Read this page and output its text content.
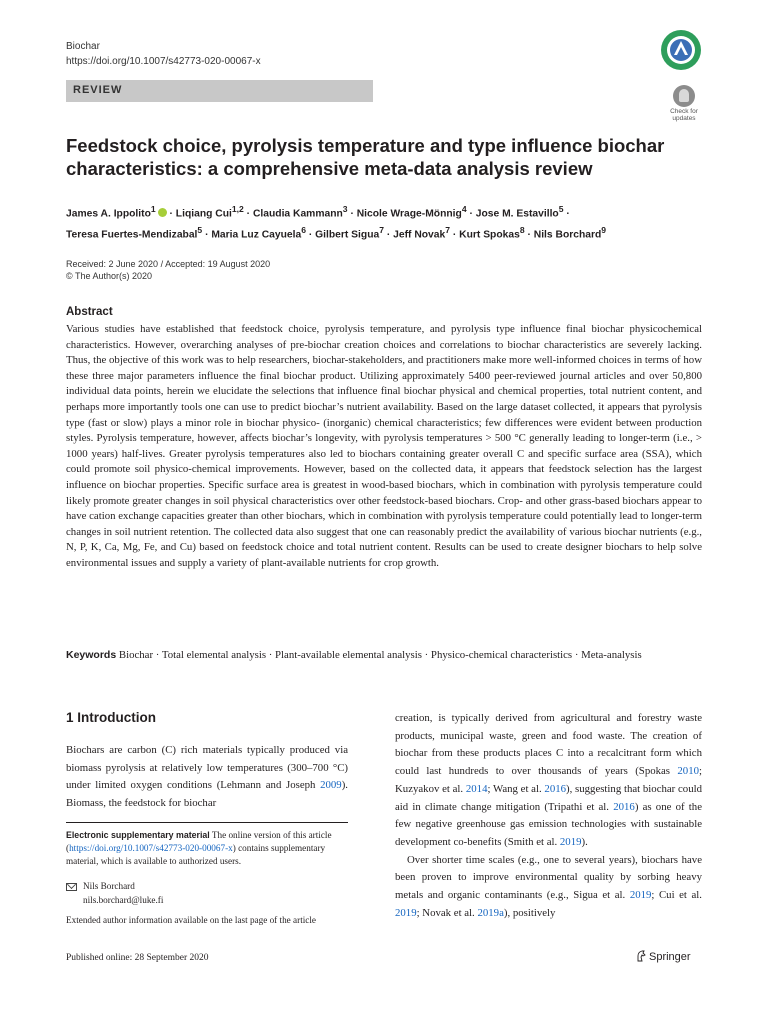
Biochar
https://doi.org/10.1007/s42773-020-00067-x
REVIEW
Check for updates
Feedstock choice, pyrolysis temperature and type influence biochar characteristics: a comprehensive meta-data analysis review
James A. Ippolito$^1$ · Liqiang Cui$^{1,2}$ · Claudia Kammann$^3$ · Nicole Wrage-Mönnig$^4$ · Jose M. Estavillo$^5$ ·
Teresa Fuertes-Mendizabal$^5$ · Maria Luz Cayuela$^6$ · Gilbert Sigua$^7$ · Jeff Novak$^7$ · Kurt Spokas$^8$ · Nils Borchard$^9$
Received: 2 June 2020 / Accepted: 19 August 2020
© The Author(s) 2020
Abstract

Various studies have established that feedstock choice, pyrolysis temperature, and pyrolysis type influence final biochar physicochemical characteristics. However, overarching analyses of pre-biochar creation choices and correlations to biochar characteristics are severely lacking. Thus, the objective of this work was to help researchers, biochar-stakeholders, and practitioners make more well-informed choices in terms of how these three major parameters influence the final biochar product. Utilizing approximately 5400 peer-reviewed journal articles and over 50,800 individual data points, herein we elucidate the selections that influence final biochar physical and chemical properties, total nutrient content, and perhaps more importantly tools one can use to predict biochar’s nutrient availability. Based on the large dataset collected, it appears that pyrolysis type (fast or slow) plays a minor role in biochar physico- (inorganic) chemical characteristics; few differences were evident between production styles. Pyrolysis temperature, however, affects biochar’s longevity, with pyrolysis temperatures > 500 °C generally leading to longer-term (i.e., > 1000 years) half-lives. Greater pyrolysis temperatures also led to biochars containing greater overall C and specific surface area (SSA), which could promote soil physico-chemical improvements. However, based on the collected data, it appears that feedstock selection has the largest influence on biochar properties. Specific surface area is greatest in wood-based biochars, which in combination with pyrolysis temperature could likely promote greater changes in soil physical characteristics over other feedstock-based biochars. Crop- and other grass-based biochars appear to have cation exchange capacities greater than other biochars, which in combination with pyrolysis temperature could potentially lead to longer-term changes in soil nutrient retention. The collected data also suggest that one can reasonably predict the availability of various biochar nutrients (e.g., N, P, K, Ca, Mg, Fe, and Cu) based on feedstock choice and total nutrient content. Results can be used to create designer biochars to help solve environmental issues and supply a variety of plant-available nutrients for crop growth.

Keywords Biochar · Total elemental analysis · Plant-available elemental analysis · Physico-chemical characteristics · Meta-analysis

1 Introduction

Biochars are carbon (C) rich materials typically produced via biomass pyrolysis at relatively low temperatures (300–700 °C) under limited oxygen conditions (Lehmann and Joseph 2009). Biomass, the feedstock for biochar

creation, is typically derived from agricultural and forestry waste products, municipal waste, green and food waste. The creation of biochar from these products places C into a recalcitrant form which could last hundreds to over thousands of years (Spokas 2010; Kuzyakov et al. 2014; Wang et al. 2016), suggesting that biochar could aid in climate change mitigation (Tripathi et al. 2016) as one of the few negative greenhouse gas emission technologies with sustainable development co-benefits (Smith et al. 2019).

Over shorter time scales (e.g., one to several years), biochars have been proven to improve environmental quality by sorbing heavy metals and organic contaminants (e.g., Sigua et al. 2019; Cui et al. 2019; Novak et al. 2019a), positively

Electronic supplementary material The online version of this article (https://doi.org/10.1007/s42773-020-00067-x) contains supplementary material, which is available to authorized users.

Nils Borchard
nils.borchard@luke.fi
Extended author information available on the last page of the article
Published online: 28 September 2020	Springer
